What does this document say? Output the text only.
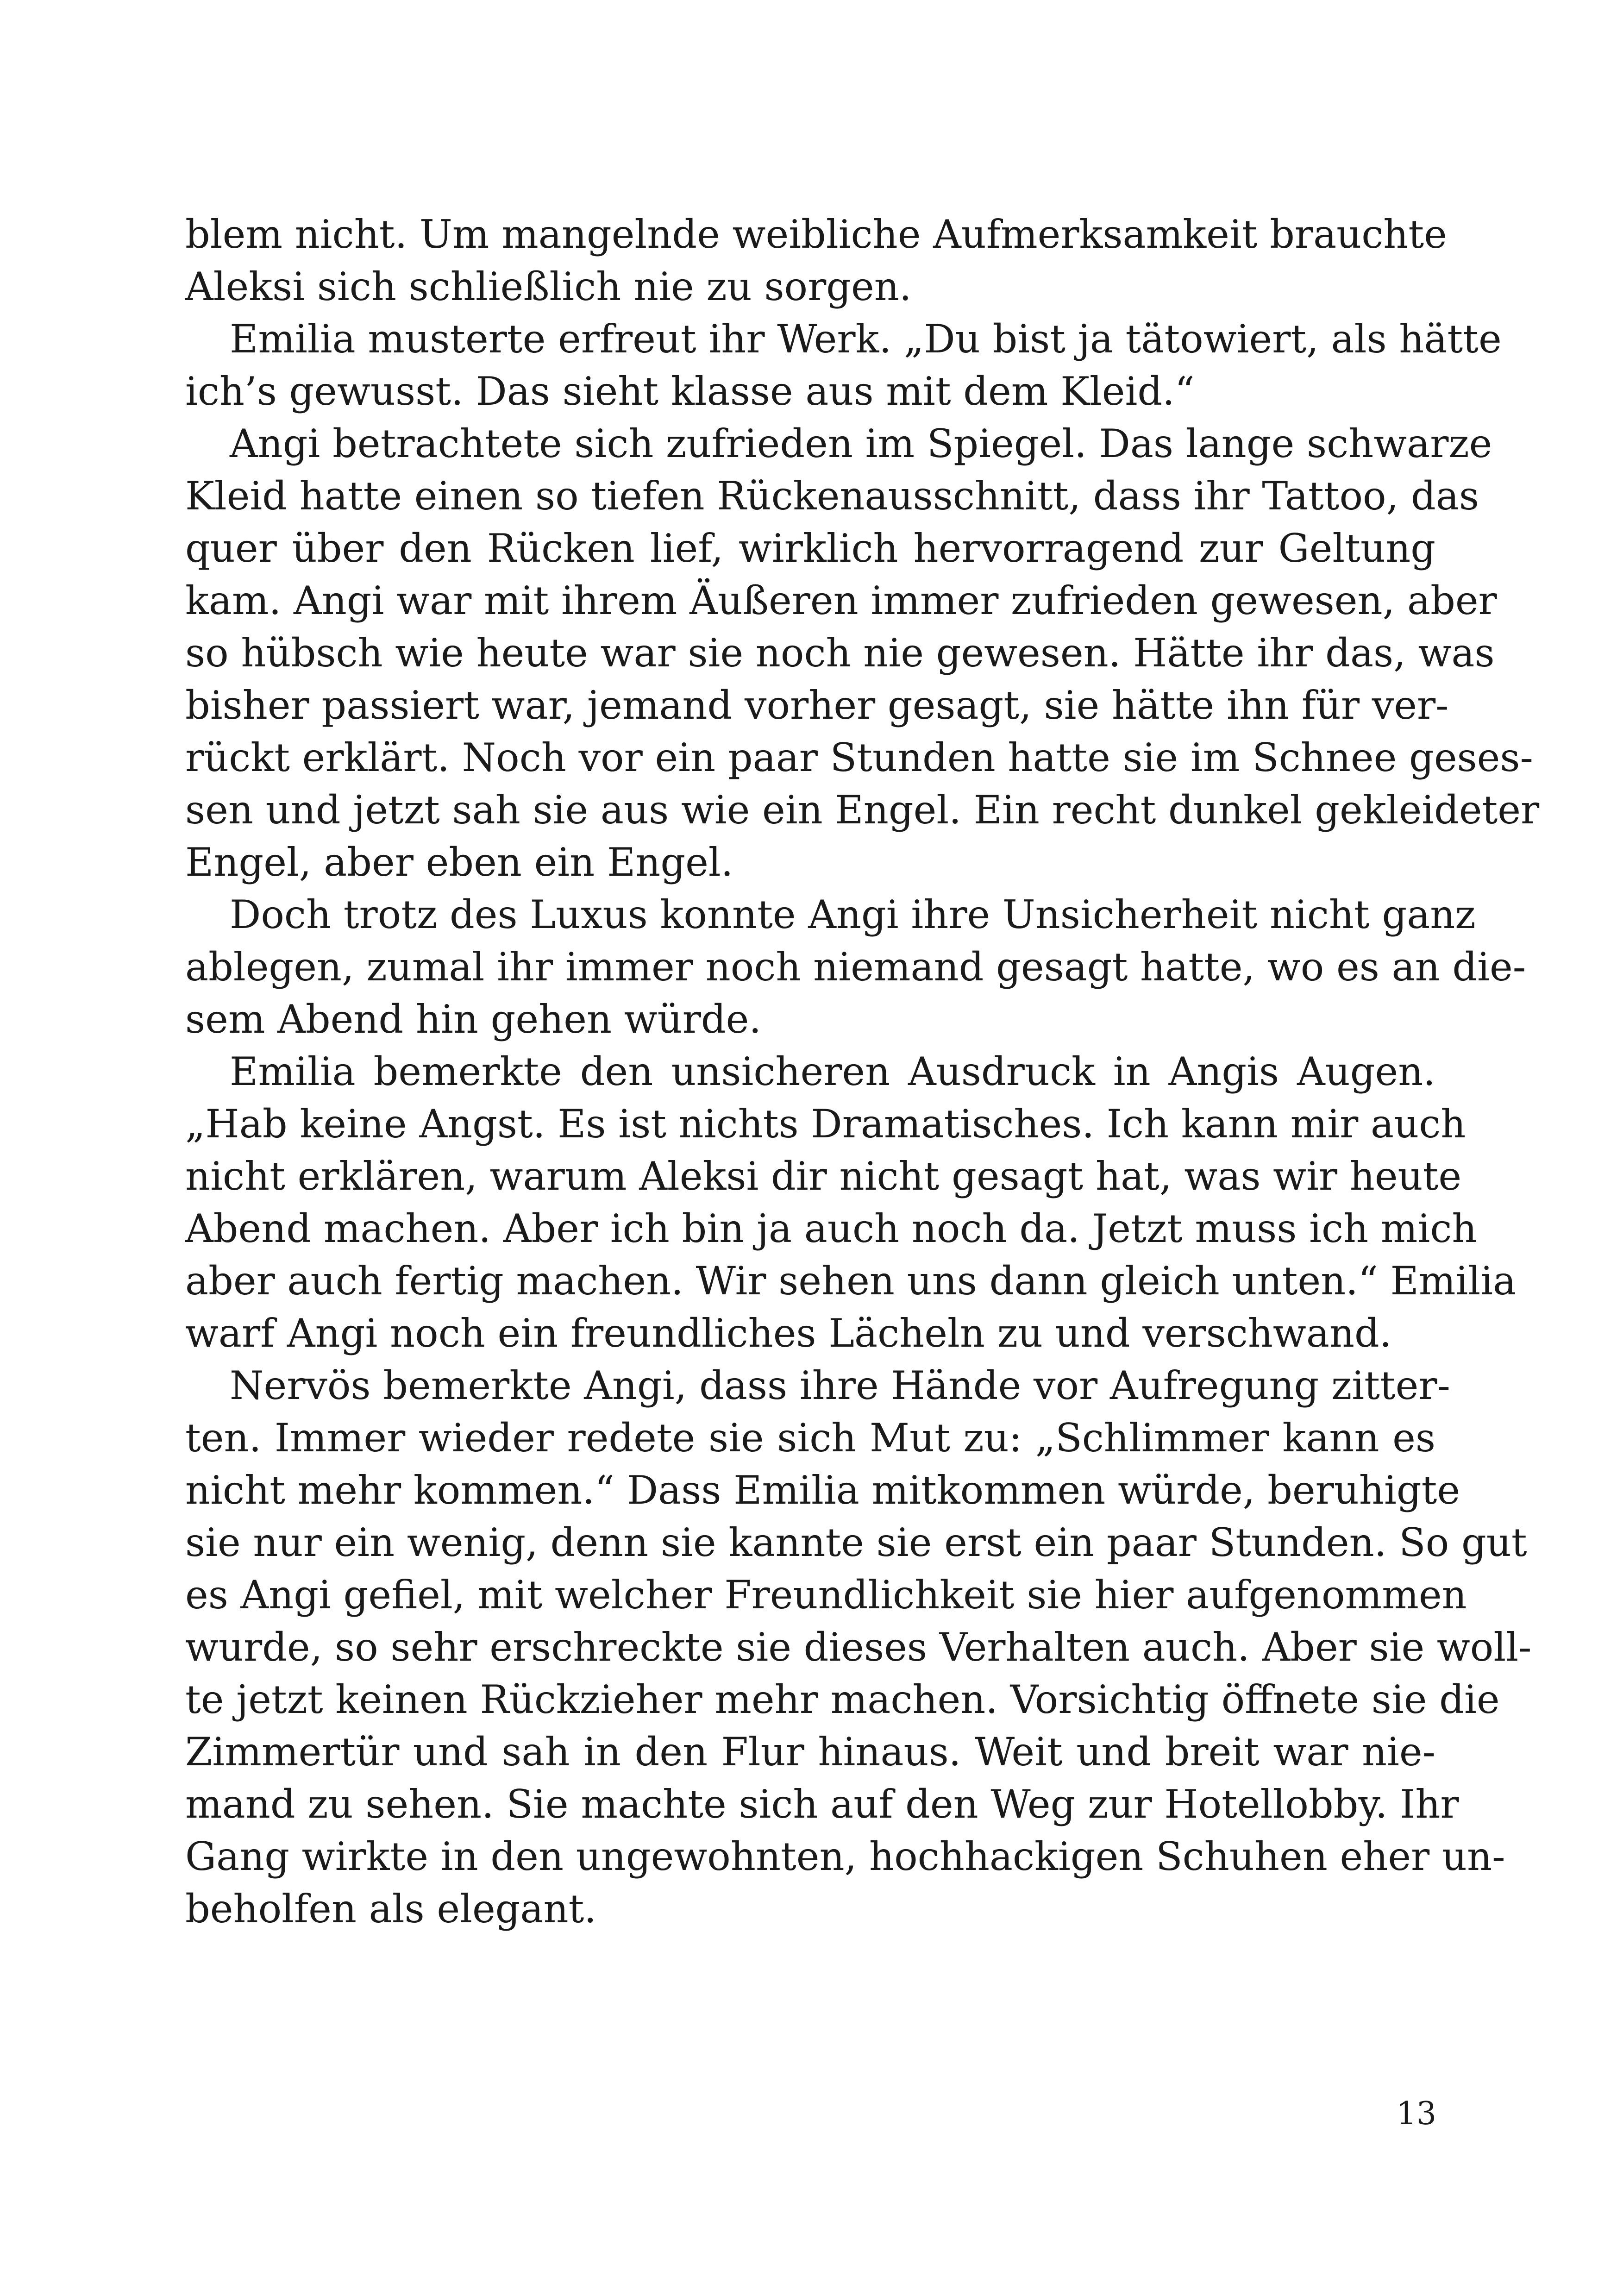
blem nicht. Um mangelnde weibliche Aufmerksamkeit brauchte
Aleksi sich schließlich nie zu sorgen.

Emilia musterte erfreut ihr Werk. „Du bist ja tätowiert, als hätte
ich’s gewusst. Das sieht klasse aus mit dem Kleid.“

Angi betrachtete sich zufrieden im Spiegel. Das lange schwarze
Kleid hatte einen so tiefen Rückenausschnitt, dass ihr Tattoo, das
quer über den Rücken lief, wirklich hervorragend zur Geltung
kam. Angi war mit ihrem Äußeren immer zufrieden gewesen, aber
so hübsch wie heute war sie noch nie gewesen. Hätte ihr das, was
bisher passiert war, jemand vorher gesagt, sie hätte ihn für ver-
rückt erklärt. Noch vor ein paar Stunden hatte sie im Schnee geses-
sen und jetzt sah sie aus wie ein Engel. Ein recht dunkel gekleideter
Engel, aber eben ein Engel.

Doch trotz des Luxus konnte Angi ihre Unsicherheit nicht ganz
ablegen, zumal ihr immer noch niemand gesagt hatte, wo es an die-
sem Abend hin gehen würde.

Emilia bemerkte den unsicheren Ausdruck in Angis Augen.
„Hab keine Angst. Es ist nichts Dramatisches. Ich kann mir auch
nicht erklären, warum Aleksi dir nicht gesagt hat, was wir heute
Abend machen. Aber ich bin ja auch noch da. Jetzt muss ich mich
aber auch fertig machen. Wir sehen uns dann gleich unten.“ Emilia
warf Angi noch ein freundliches Lächeln zu und verschwand.

Nervös bemerkte Angi, dass ihre Hände vor Aufregung zitter-
ten. Immer wieder redete sie sich Mut zu: „Schlimmer kann es
nicht mehr kommen.“ Dass Emilia mitkommen würde, beruhigte
sie nur ein wenig, denn sie kannte sie erst ein paar Stunden. So gut
es Angi gefiel, mit welcher Freundlichkeit sie hier aufgenommen
wurde, so sehr erschreckte sie dieses Verhalten auch. Aber sie woll-
te jetzt keinen Rückzieher mehr machen. Vorsichtig öffnete sie die
Zimmertür und sah in den Flur hinaus. Weit und breit war nie-
mand zu sehen. Sie machte sich auf den Weg zur Hotellobby. Ihr
Gang wirkte in den ungewohnten, hochhackigen Schuhen eher un-
beholfen als elegant.

13
